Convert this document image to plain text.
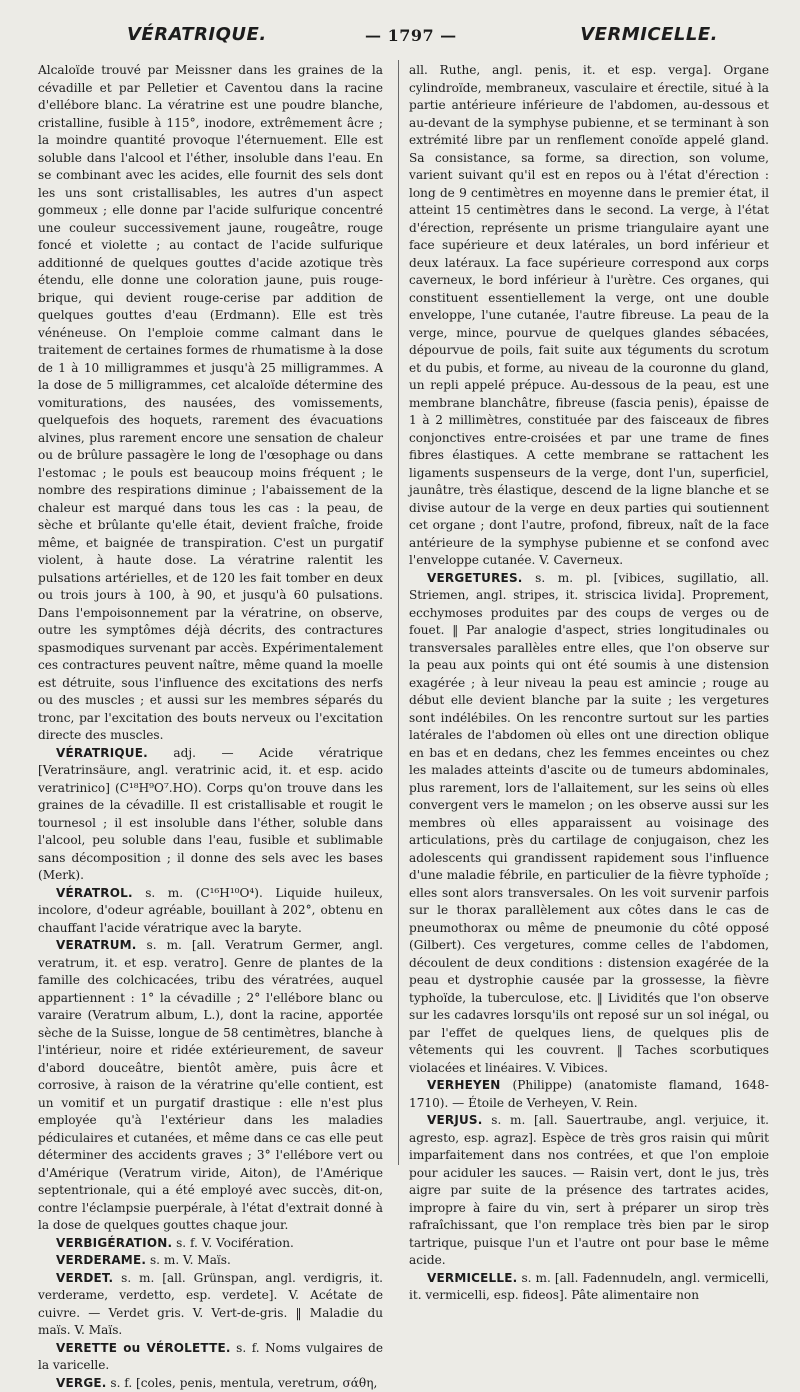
VÉRATRIQUE.	— 1797 —	VERMICELLE.

Alcaloïde trouvé par Meissner dans les graines de la cévadille et par Pelletier et Caventou dans la racine d'ellébore blanc. La vératrine est une poudre blanche, cristalline, fusible à 115°, inodore, extrêmement âcre ; la moindre quantité provoque l'éternuement. Elle est soluble dans l'alcool et l'éther, insoluble dans l'eau. En se combinant avec les acides, elle fournit des sels dont les uns sont cristallisables, les autres d'un aspect gommeux ; elle donne par l'acide sulfurique concentré une couleur successivement jaune, rougeâtre, rouge foncé et violette ; au contact de l'acide sulfurique additionné de quelques gouttes d'acide azotique très étendu, elle donne une coloration jaune, puis rouge-brique, qui devient rouge-cerise par addition de quelques gouttes d'eau (Erdmann). Elle est très vénéneuse. On l'emploie comme calmant dans le traitement de certaines formes de rhumatisme à la dose de 1 à 10 milligrammes et jusqu'à 25 milligrammes. A la dose de 5 milligrammes, cet alcaloïde détermine des vomiturations, des nausées, des vomissements, quelquefois des hoquets, rarement des évacuations alvines, plus rarement encore une sensation de chaleur ou de brûlure passagère le long de l'œsophage ou dans l'estomac ; le pouls est beaucoup moins fréquent ; le nombre des respirations diminue ; l'abaissement de la chaleur est marqué dans tous les cas : la peau, de sèche et brûlante qu'elle était, devient fraîche, froide même, et baignée de transpiration. C'est un purgatif violent, à haute dose. La vératrine ralentit les pulsations artérielles, et de 120 les fait tomber en deux ou trois jours à 100, à 90, et jusqu'à 60 pulsations. Dans l'empoisonnement par la vératrine, on observe, outre les symptômes déjà décrits, des contractures spasmodiques survenant par accès. Expérimentalement ces contractures peuvent naître, même quand la moelle est détruite, sous l'influence des excitations des nerfs ou des muscles ; et aussi sur les membres séparés du tronc, par l'excitation des bouts nerveux ou l'excitation directe des muscles.

VÉRATRIQUE. adj. — Acide vératrique [Veratrinsäure, angl. veratrinic acid, it. et esp. acido veratrinico] (C¹⁸H⁹O⁷.HO). Corps qu'on trouve dans les graines de la cévadille. Il est cristallisable et rougit le tournesol ; il est insoluble dans l'éther, soluble dans l'alcool, peu soluble dans l'eau, fusible et sublimable sans décomposition ; il donne des sels avec les bases (Merk).

VÉRATROL. s. m. (C¹⁶H¹⁰O⁴). Liquide huileux, incolore, d'odeur agréable, bouillant à 202°, obtenu en chauffant l'acide vératrique avec la baryte.

VERATRUM. s. m. [all. Veratrum Germer, angl. veratrum, it. et esp. veratro]. Genre de plantes de la famille des colchicacées, tribu des vératrées, auquel appartiennent : 1° la cévadille ; 2° l'ellébore blanc ou varaire (Veratrum album, L.), dont la racine, apportée sèche de la Suisse, longue de 58 centimètres, blanche à l'intérieur, noire et ridée extérieurement, de saveur d'abord douceâtre, bientôt amère, puis âcre et corrosive, à raison de la vératrine qu'elle contient, est un vomitif et un purgatif drastique : elle n'est plus employée qu'à l'extérieur dans les maladies pédiculaires et cutanées, et même dans ce cas elle peut déterminer des accidents graves ; 3° l'ellébore vert ou d'Amérique (Veratrum viride, Aiton), de l'Amérique septentrionale, qui a été employé avec succès, dit-on, contre l'éclampsie puerpérale, à l'état d'extrait donné à la dose de quelques gouttes chaque jour.

VERBIGÉRATION. s. f. V. Vocifération.

VERDERAME. s. m. V. Maïs.

VERDET. s. m. [all. Grünspan, angl. verdigris, it. verderame, verdetto, esp. verdete]. V. Acétate de cuivre. — Verdet gris. V. Vert-de-gris. ‖ Maladie du maïs. V. Maïs.

VERETTE ou VÉROLETTE. s. f. Noms vulgaires de la varicelle.

VERGE. s. f. [coles, penis, mentula, veretrum, σάθη,

all. Ruthe, angl. penis, it. et esp. verga]. Organe cylindroïde, membraneux, vasculaire et érectile, situé à la partie antérieure inférieure de l'abdomen, au-dessous et au-devant de la symphyse pubienne, et se terminant à son extrémité libre par un renflement conoïde appelé gland. Sa consistance, sa forme, sa direction, son volume, varient suivant qu'il est en repos ou à l'état d'érection : long de 9 centimètres en moyenne dans le premier état, il atteint 15 centimètres dans le second. La verge, à l'état d'érection, représente un prisme triangulaire ayant une face supérieure et deux latérales, un bord inférieur et deux latéraux. La face supérieure correspond aux corps caverneux, le bord inférieur à l'urètre. Ces organes, qui constituent essentiellement la verge, ont une double enveloppe, l'une cutanée, l'autre fibreuse. La peau de la verge, mince, pourvue de quelques glandes sébacées, dépourvue de poils, fait suite aux téguments du scrotum et du pubis, et forme, au niveau de la couronne du gland, un repli appelé prépuce. Au-dessous de la peau, est une membrane blanchâtre, fibreuse (fascia penis), épaisse de 1 à 2 millimètres, constituée par des faisceaux de fibres conjonctives entre-croisées et par une trame de fines fibres élastiques. A cette membrane se rattachent les ligaments suspenseurs de la verge, dont l'un, superficiel, jaunâtre, très élastique, descend de la ligne blanche et se divise autour de la verge en deux parties qui soutiennent cet organe ; dont l'autre, profond, fibreux, naît de la face antérieure de la symphyse pubienne et se confond avec l'enveloppe cutanée. V. Caverneux.

VERGETURES. s. m. pl. [vibices, sugillatio, all. Striemen, angl. stripes, it. striscica livida]. Proprement, ecchymoses produites par des coups de verges ou de fouet. ‖ Par analogie d'aspect, stries longitudinales ou transversales parallèles entre elles, que l'on observe sur la peau aux points qui ont été soumis à une distension exagérée ; à leur niveau la peau est amincie ; rouge au début elle devient blanche par la suite ; les vergetures sont indélébiles. On les rencontre surtout sur les parties latérales de l'abdomen où elles ont une direction oblique en bas et en dedans, chez les femmes enceintes ou chez les malades atteints d'ascite ou de tumeurs abdominales, plus rarement, lors de l'allaitement, sur les seins où elles convergent vers le mamelon ; on les observe aussi sur les membres où elles apparaissent au voisinage des articulations, près du cartilage de conjugaison, chez les adolescents qui grandissent rapidement sous l'influence d'une maladie fébrile, en particulier de la fièvre typhoïde ; elles sont alors transversales. On les voit survenir parfois sur le thorax parallèlement aux côtes dans le cas de pneumothorax ou même de pneumonie du côté opposé (Gilbert). Ces vergetures, comme celles de l'abdomen, découlent de deux conditions : distension exagérée de la peau et dystrophie causée par la grossesse, la fièvre typhoïde, la tuberculose, etc. ‖ Lividités que l'on observe sur les cadavres lorsqu'ils ont reposé sur un sol inégal, ou par l'effet de quelques liens, de quelques plis de vêtements qui les couvrent. ‖ Taches scorbutiques violacées et linéaires. V. Vibices.

VERHEYEN (Philippe) (anatomiste flamand, 1648-1710). — Étoile de Verheyen, V. Rein.

VERJUS. s. m. [all. Sauertraube, angl. verjuice, it. agresto, esp. agraz]. Espèce de très gros raisin qui mûrit imparfaitement dans nos contrées, et que l'on emploie pour aciduler les sauces. — Raisin vert, dont le jus, très aigre par suite de la présence des tartrates acides, impropre à faire du vin, sert à préparer un sirop très rafraîchissant, que l'on remplace très bien par le sirop tartrique, puisque l'un et l'autre ont pour base le même acide.

VERMICELLE. s. m. [all. Fadennudeln, angl. vermicelli, it. vermicelli, esp. fideos]. Pâte alimentaire non
